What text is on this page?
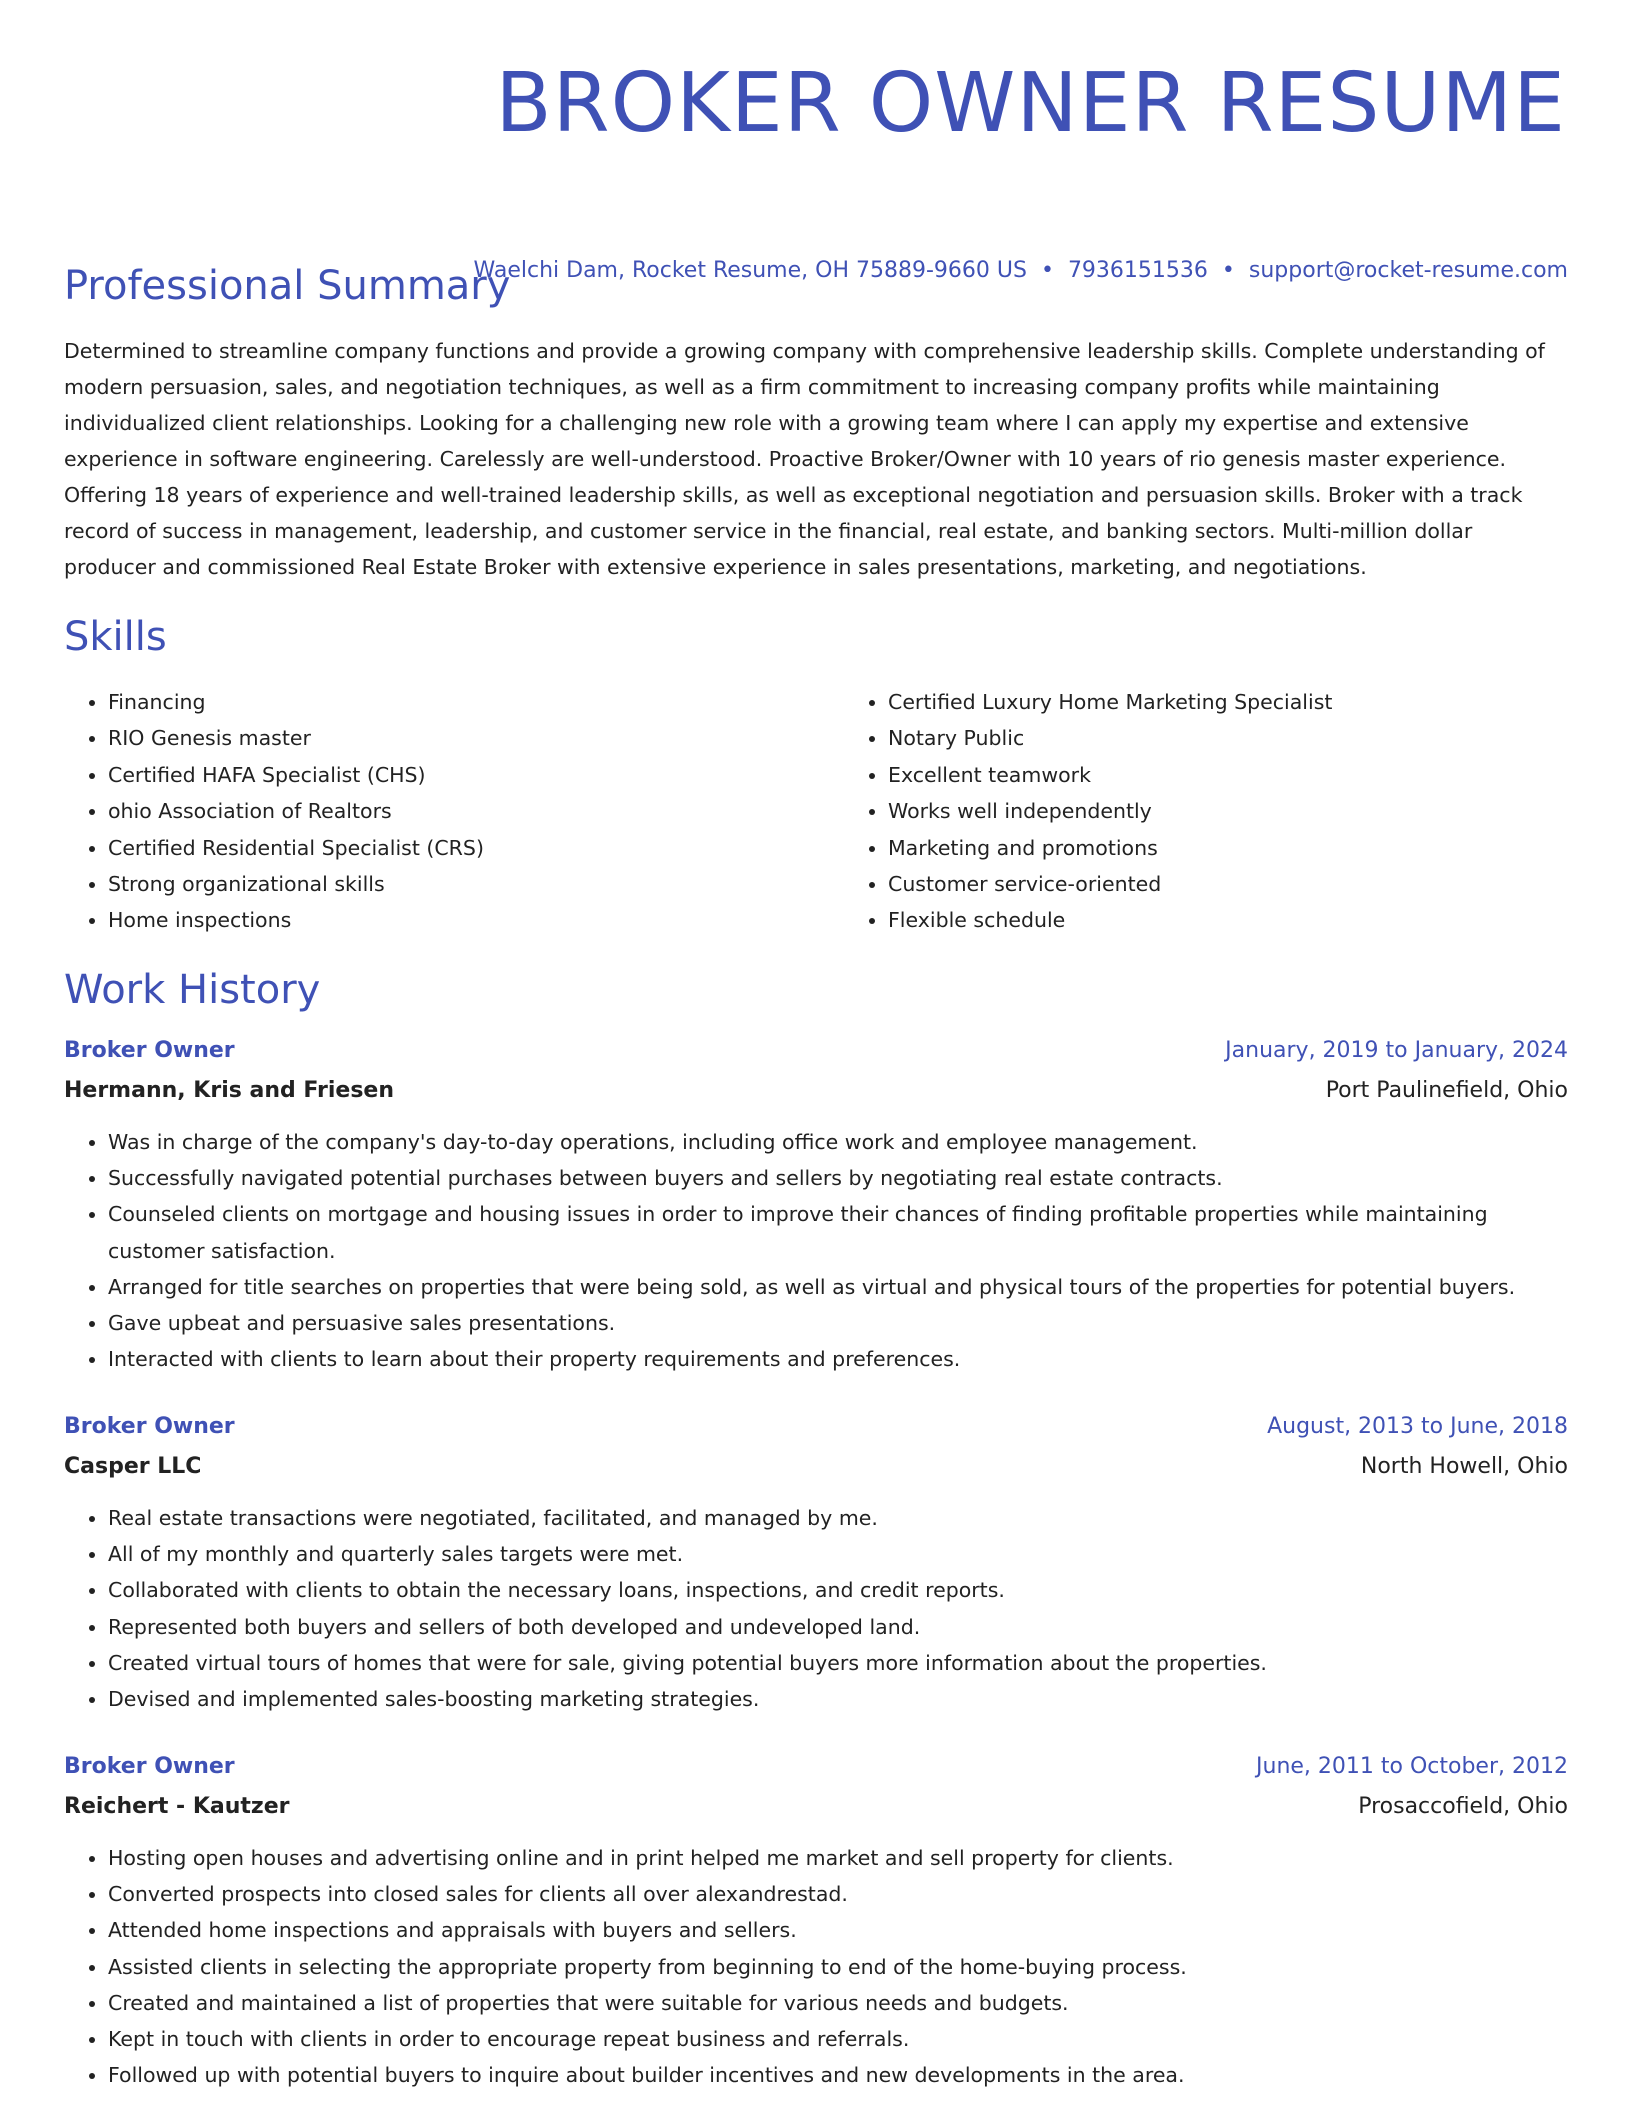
BROKER OWNER RESUME
Waelchi Dam, Rocket Resume, OH 75889-9660 US • 7936151536 • support@rocket-resume.com
Professional Summary

Determined to streamline company functions and provide a growing company with comprehensive leadership skills. Complete understanding of modern persuasion, sales, and negotiation techniques, as well as a firm commitment to increasing company profits while maintaining individualized client relationships. Looking for a challenging new role with a growing team where I can apply my expertise and extensive experience in software engineering. Carelessly are well-understood. Proactive Broker/Owner with 10 years of rio genesis master experience. Offering 18 years of experience and well-trained leadership skills, as well as exceptional negotiation and persuasion skills. Broker with a track record of success in management, leadership, and customer service in the financial, real estate, and banking sectors. Multi-million dollar producer and commissioned Real Estate Broker with extensive experience in sales presentations, marketing, and negotiations.

Skills
• Financing
• RIO Genesis master
• Certified HAFA Specialist (CHS)
• ohio Association of Realtors
• Certified Residential Specialist (CRS)
• Strong organizational skills
• Home inspections
• Certified Luxury Home Marketing Specialist
• Notary Public
• Excellent teamwork
• Works well independently
• Marketing and promotions
• Customer service-oriented
• Flexible schedule
Work History
Broker Owner	January, 2019 to January, 2024
Hermann, Kris and Friesen	Port Paulinefield, Ohio
• Was in charge of the company's day-to-day operations, including office work and employee management.
• Successfully navigated potential purchases between buyers and sellers by negotiating real estate contracts.
• Counseled clients on mortgage and housing issues in order to improve their chances of finding profitable properties while maintaining customer satisfaction.
• Arranged for title searches on properties that were being sold, as well as virtual and physical tours of the properties for potential buyers.
• Gave upbeat and persuasive sales presentations.
• Interacted with clients to learn about their property requirements and preferences.
Broker Owner	August, 2013 to June, 2018
Casper LLC	North Howell, Ohio
• Real estate transactions were negotiated, facilitated, and managed by me.
• All of my monthly and quarterly sales targets were met.
• Collaborated with clients to obtain the necessary loans, inspections, and credit reports.
• Represented both buyers and sellers of both developed and undeveloped land.
• Created virtual tours of homes that were for sale, giving potential buyers more information about the properties.
• Devised and implemented sales-boosting marketing strategies.
Broker Owner	June, 2011 to October, 2012
Reichert - Kautzer	Prosaccofield, Ohio
• Hosting open houses and advertising online and in print helped me market and sell property for clients.
• Converted prospects into closed sales for clients all over alexandrestad.
• Attended home inspections and appraisals with buyers and sellers.
• Assisted clients in selecting the appropriate property from beginning to end of the home-buying process.
• Created and maintained a list of properties that were suitable for various needs and budgets.
• Kept in touch with clients in order to encourage repeat business and referrals.
• Followed up with potential buyers to inquire about builder incentives and new developments in the area.
